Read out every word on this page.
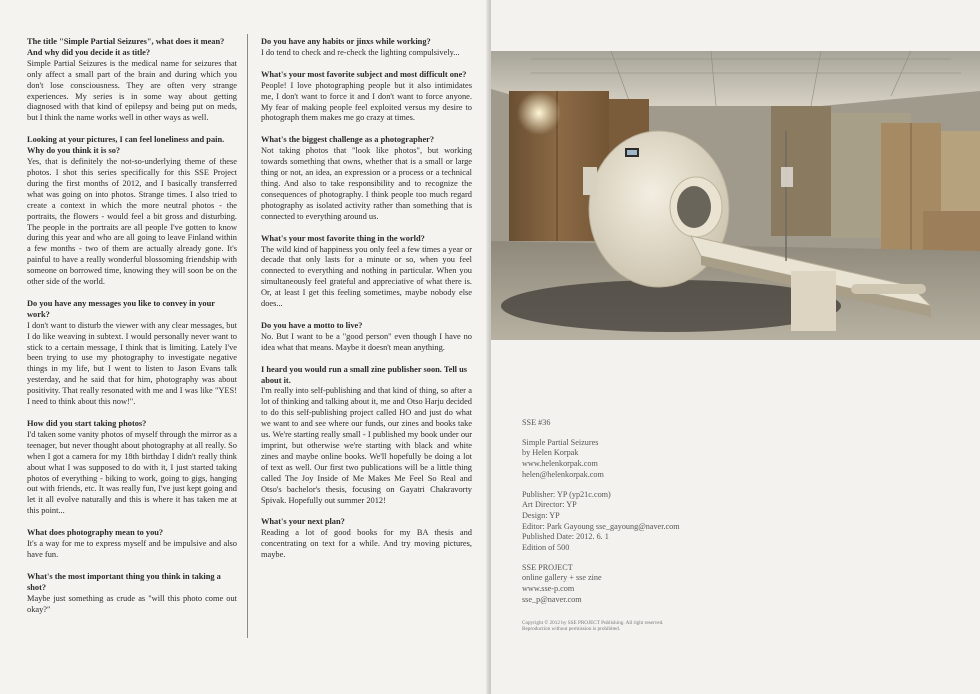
The title "Simple Partial Seizures", what does it mean? And why did you decide it as title?
Simple Partial Seizures is the medical name for seizures that only affect a small part of the brain and during which you don't lose consciousness. They are often very strange experiences. My series is in some way about getting diagnosed with that kind of epilepsy and being put on meds, but I think the name works well in other ways as well.
Looking at your pictures, I can feel loneliness and pain. Why do you think it is so?
Yes, that is definitely the not-so-underlying theme of these photos. I shot this series specifically for this SSE Project during the first months of 2012, and I basically transferred what was going on into photos. Strange times. I also tried to create a context in which the more neutral photos - the portraits, the flowers - would feel a bit gross and disturbing. The people in the portraits are all people I've gotten to know during this year and who are all going to leave Finland within a few months - two of them are actually already gone. It's painful to have a really wonderful blossoming friendship with someone on borrowed time, knowing they will soon be on the other side of the world.
Do you have any messages you like to convey in your work?
I don't want to disturb the viewer with any clear messages, but I do like weaving in subtext. I would personally never want to stick to a certain message, I think that is limiting. Lately I've been trying to use my photography to investigate negative things in my life, but I went to listen to Jason Evans talk yesterday, and he said that for him, photography was about positivity. That really resonated with me and I was like "YES! I need to think about this now!".
How did you start taking photos?
I'd taken some vanity photos of myself through the mirror as a teenager, but never thought about photography at all really. So when I got a camera for my 18th birthday I didn't really think about what I was supposed to do with it, I just started taking photos of everything - biking to work, going to gigs, hanging out with friends, etc. It was really fun, I've just kept going and let it all evolve naturally and this is where it has taken me at this point...
What does photography mean to you?
It's a way for me to express myself and be impulsive and also have fun.
What's the most important thing you think in taking a shot?
Maybe just something as crude as "will this photo come out okay?"
Do you have any habits or jinxs while working?
I do tend to check and re-check the lighting compulsively...
What's your most favorite subject and most difficult one?
People! I love photographing people but it also intimidates me, I don't want to force it and I don't want to force anyone. My fear of making people feel exploited versus my desire to photograph them makes me go crazy at times.
What's the biggest challenge as a photographer?
Not taking photos that "look like photos", but working towards something that owns, whether that is a small or large thing or not, an idea, an expression or a process or a technical thing. And also to take responsibility and to recognize the consequences of photography. I think people too much regard photography as isolated activity rather than something that is connected to everything around us.
What's your most favorite thing in the world?
The wild kind of happiness you only feel a few times a year or decade that only lasts for a minute or so, when you feel connected to everything and nothing in particular. When you simultaneously feel grateful and appreciative of what there is. Or, at least I get this feeling sometimes, maybe nobody else does...
Do you have a motto to live?
No. But I want to be a "good person" even though I have no idea what that means. Maybe it doesn't mean anything.
I heard you would run a small zine publisher soon. Tell us about it.
I'm really into self-publishing and that kind of thing, so after a lot of thinking and talking about it, me and Otso Harju decided to do this self-publishing project called HO and just do what we want to and see where our funds, our zines and books take us. We're starting really small - I published my book under our imprint, but otherwise we're starting with black and white zines and maybe online books. We'll hopefully be doing a lot of text as well. Our first two publications will be a little thing called The Joy Inside of Me Makes Me Feel So Real and Otso's bachelor's thesis, focusing on Gayatri Chakravorty Spivak. Hopefully out summer 2012!
What's your next plan?
Reading a lot of good books for my BA thesis and concentrating on text for a while. And try moving pictures, maybe.
SSE #36
Simple Partial Seizures
by Helen Korpak
www.helenkorpak.com
helen@helenkorpak.com
Publisher: YP (yp21c.com)
Art Director: YP
Design: YP
Editor: Park Gayoung sse_gayoung@naver.com
Published Date: 2012. 6. 1
Edition of 500
SSE PROJECT
online gallery + sse zine
www.sse-p.com
sse_p@naver.com
Copyright © 2012 by SSE PROJECT Publishing. All right reserved.
Reproduction without permission is prohibited.
